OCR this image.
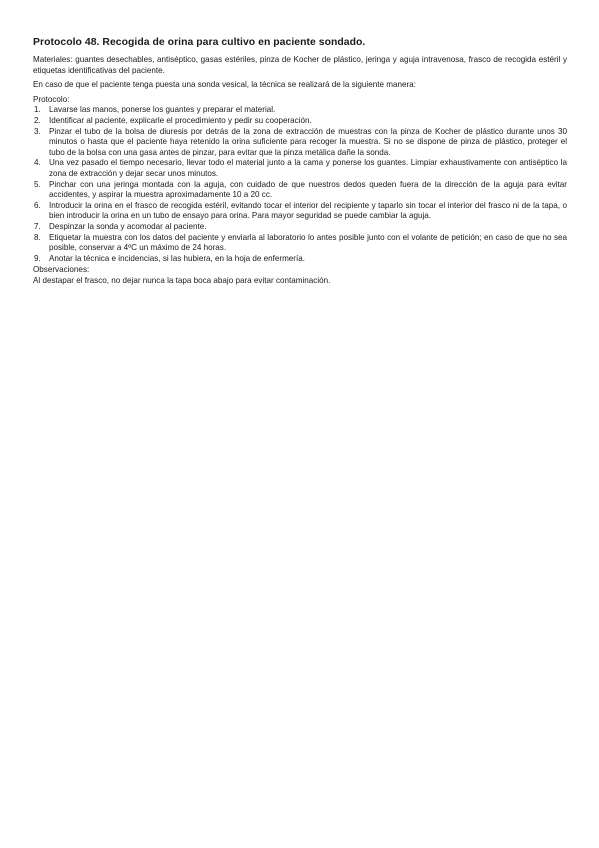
Protocolo 48. Recogida de orina para cultivo en paciente sondado.

Materiales: guantes desechables, antiséptico, gasas estériles, pinza de Kocher de plástico, jeringa y aguja intravenosa, frasco de recogida estéril y etiquetas identificativas del paciente.

En caso de que el paciente tenga puesta una sonda vesical, la técnica se realizará de la siguiente manera:

Protocolo:

1.	Lavarse las manos, ponerse los guantes y preparar el material.
2.	Identificar al paciente, explicarle el procedimiento y pedir su cooperación.
3.	Pinzar el tubo de la bolsa de diuresis por detrás de la zona de extracción de muestras con la pinza de Kocher de plástico durante unos 30 minutos o hasta que el paciente haya retenido la orina suficiente para recoger la muestra. Si no se dispone de pinza de plástico, proteger el tubo de la bolsa con una gasa antes de pinzar, para evitar que la pinza metálica dañe la sonda.
4.	Una vez pasado el tiempo necesario, llevar todo el material junto a la cama y ponerse los guantes. Limpiar exhaustivamente con antiséptico la zona de extracción y dejar secar unos minutos.
5.	Pinchar con una jeringa montada con la aguja, con cuidado de que nuestros dedos queden fuera de la dirección de la aguja para evitar accidentes, y aspirar la muestra aproximadamente 10 a 20 cc.
6.	Introducir la orina en el frasco de recogida estéril, evitando tocar el interior del recipiente y taparlo sin tocar el interior del frasco ni de la tapa, o bien introducir la orina en un tubo de ensayo para orina. Para mayor seguridad se puede cambiar la aguja.
7.	Despinzar la sonda y acomodar al paciente.
8.	Etiquetar la muestra con los datos del paciente y enviarla al laboratorio lo antes posible junto con el volante de petición; en caso de que no sea posible, conservar a 4ºC un máximo de 24 horas.
9.	Anotar la técnica e incidencias, si las hubiera, en la hoja de enfermería.

Observaciones:

Al destapar el frasco, no dejar nunca la tapa boca abajo para evitar contaminación.
